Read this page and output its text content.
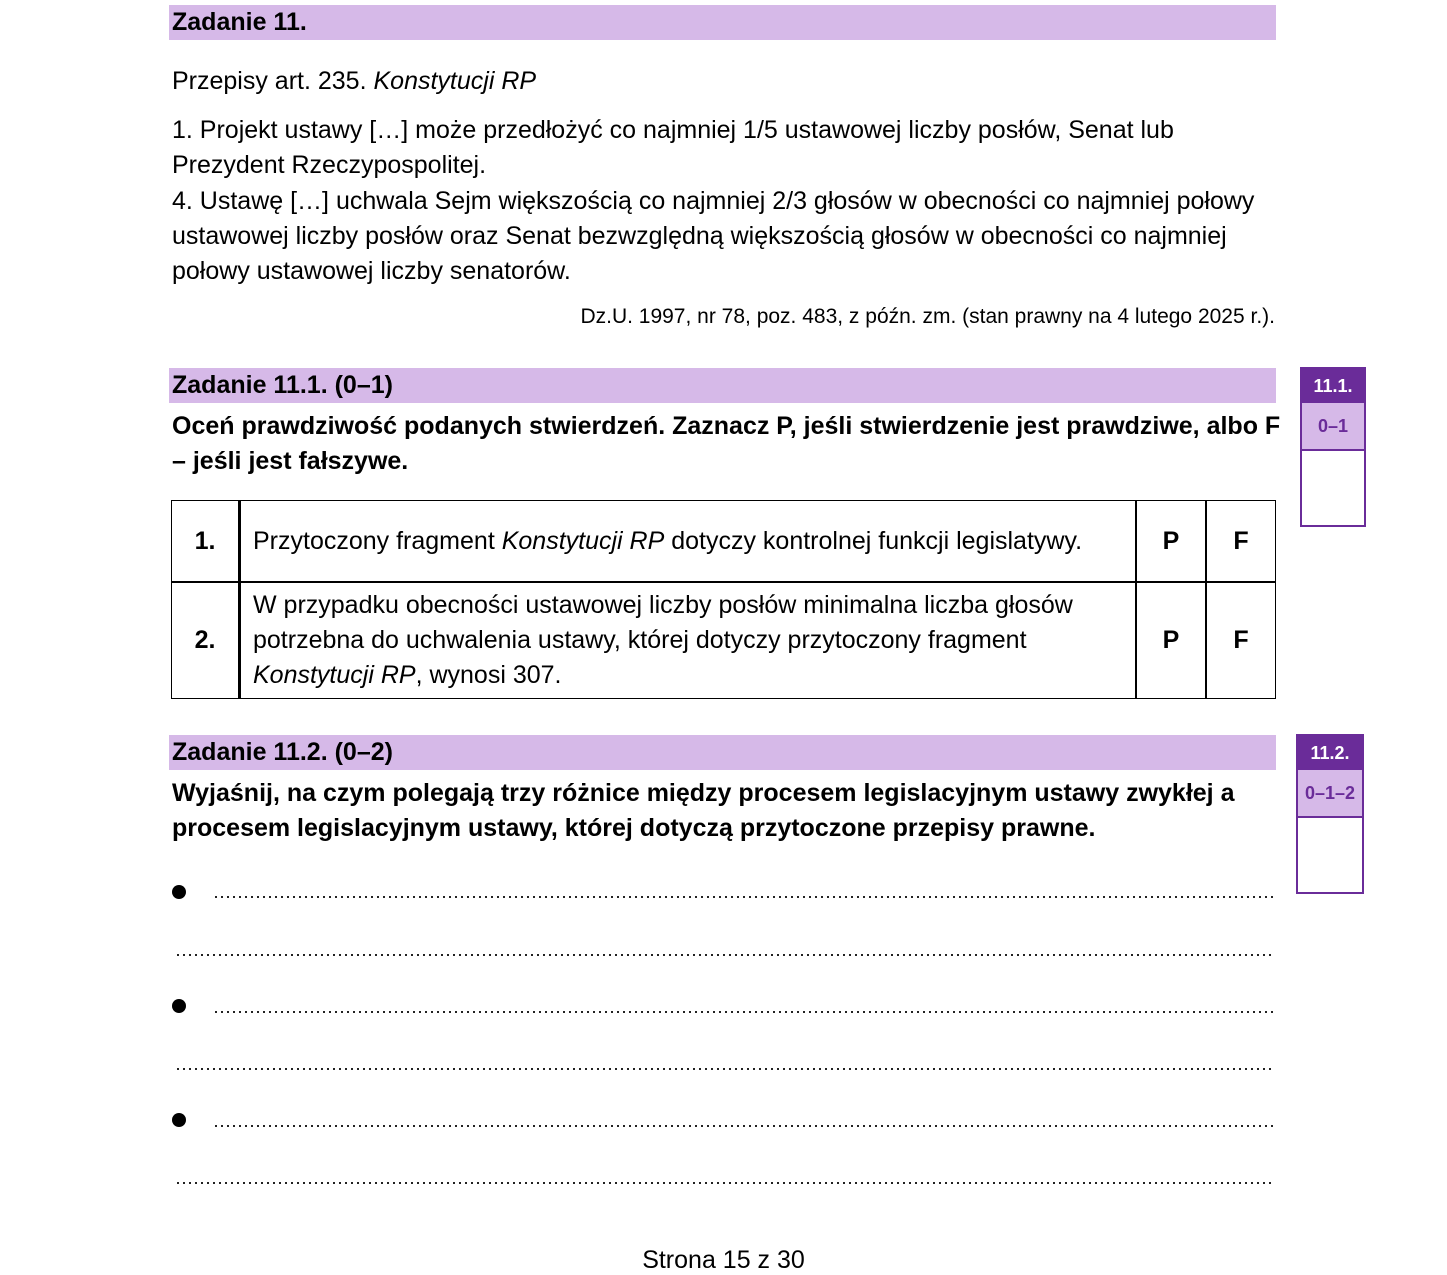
Zadanie 11.
Przepisy art. 235. Konstytucji RP
1. Projekt ustawy […] może przedłożyć co najmniej 1/5 ustawowej liczby posłów, Senat lub Prezydent Rzeczypospolitej.
4. Ustawę […] uchwala Sejm większością co najmniej 2/3 głosów w obecności co najmniej połowy ustawowej liczby posłów oraz Senat bezwzględną większością głosów w obecności co najmniej połowy ustawowej liczby senatorów.
Dz.U. 1997, nr 78, poz. 483, z późn. zm. (stan prawny na 4 lutego 2025 r.).
Zadanie 11.1. (0–1)
Oceń prawdziwość podanych stwierdzeń. Zaznacz P, jeśli stwierdzenie jest prawdziwe, albo F – jeśli jest fałszywe.
1.	Przytoczony fragment Konstytucji RP dotyczy kontrolnej funkcji legislatywy.	P	F
2.	W przypadku obecności ustawowej liczby posłów minimalna liczba głosów potrzebna do uchwalenia ustawy, której dotyczy przytoczony fragment Konstytucji RP, wynosi 307.	P	F
11.1.
0–1
Zadanie 11.2. (0–2)
Wyjaśnij, na czym polegają trzy różnice między procesem legislacyjnym ustawy zwykłej a procesem legislacyjnym ustawy, której dotyczą przytoczone przepisy prawne.
11.2.
0–1–2
Strona 15 z 30
